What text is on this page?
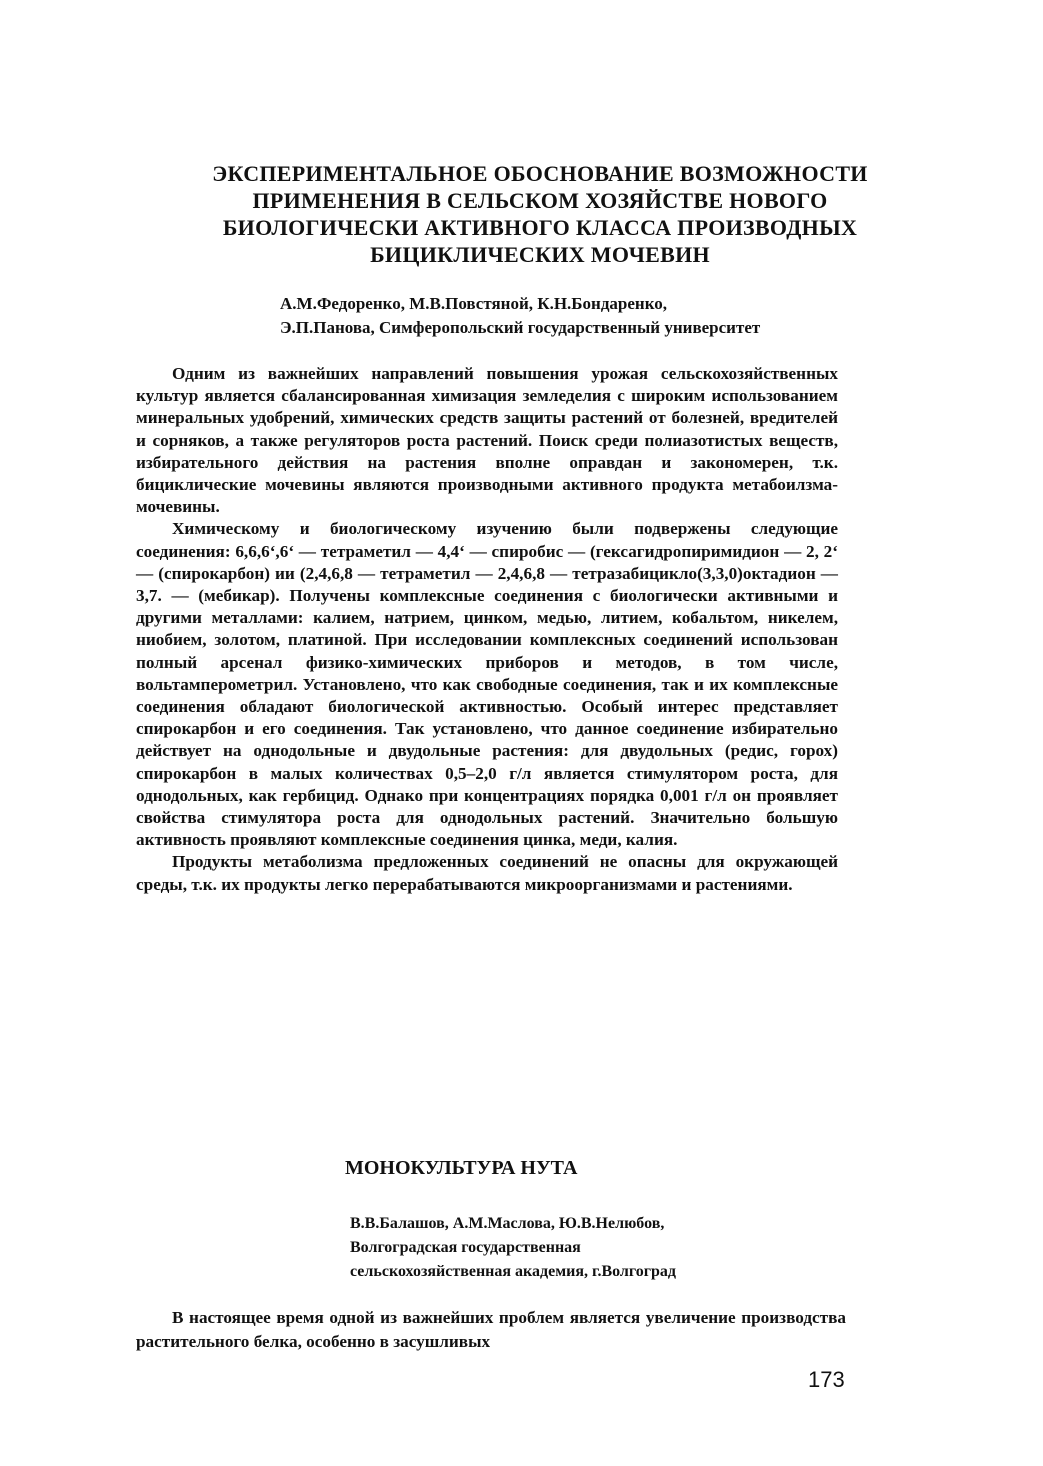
ЭКСПЕРИМЕНТАЛЬНОЕ ОБОСНОВАНИЕ ВОЗМОЖНОСТИ
ПРИМЕНЕНИЯ В СЕЛЬСКОМ ХОЗЯЙСТВЕ НОВОГО
БИОЛОГИЧЕСКИ АКТИВНОГО КЛАССА ПРОИЗВОДНЫХ
БИЦИКЛИЧЕСКИХ МОЧЕВИН
А.М.Федоренко, М.В.Повстяной, К.Н.Бондаренко,
Э.П.Панова, Симферопольский государственный университет

Одним из важнейших направлений повышения урожая сельскохозяйственных культур является сбалансированная химизация земледелия с широким использованием минеральных удобрений, химических средств защиты растений от болезней, вредителей и сорняков, а также регуляторов роста растений. Поиск среди полиазотистых веществ, избирательного действия на растения вполне оправдан и закономерен, т.к. бициклические мочевины являются производными активного продукта метабоилзма-мочевины.

Химическому и биологическому изучению были подвержены следующие соединения: 6,6,6‘,6‘ — тетраметил — 4,4‘ — спиробис — (гексагидропиримидион — 2, 2‘ — (спирокарбон) ии (2,4,6,8 — тетраметил — 2,4,6,8 — тетразабицикло(3,3,0)октадион — 3,7. — (мебикар). Получены комплексные соединения с биологически активными и другими металлами: калием, натрием, цинком, медью, литием, кобальтом, никелем, ниобием, золотом, платиной. При исследовании комплексных соединений использован полный арсенал физико-химических приборов и методов, в том числе, вольтамперометрил. Установлено, что как свободные соединения, так и их комплексные соединения обладают биологической активностью. Особый интерес представляет спирокарбон и его соединения. Так установлено, что данное соединение избирательно действует на однодольные и двудольные растения: для двудольных (редис, горох) спирокарбон в малых количествах 0,5–2,0 г/л является стимулятором роста, для однодольных, как гербицид. Однако при концентрациях порядка 0,001 г/л он проявляет свойства стимулятора роста для однодольных растений. Значительно большую активность проявляют комплексные соединения цинка, меди, калия.

Продукты метаболизма предложенных соединений не опасны для окружающей среды, т.к. их продукты легко перерабатываются микроорганизмами и растениями.

МОНОКУЛЬТУРА НУТА
В.В.Балашов, А.М.Маслова, Ю.В.Нелюбов,
Волгоградская государственная
сельскохозяйственная академия, г.Волгоград

В настоящее время одной из важнейших проблем является увеличение производства растительного белка, особенно в засушливых

173
